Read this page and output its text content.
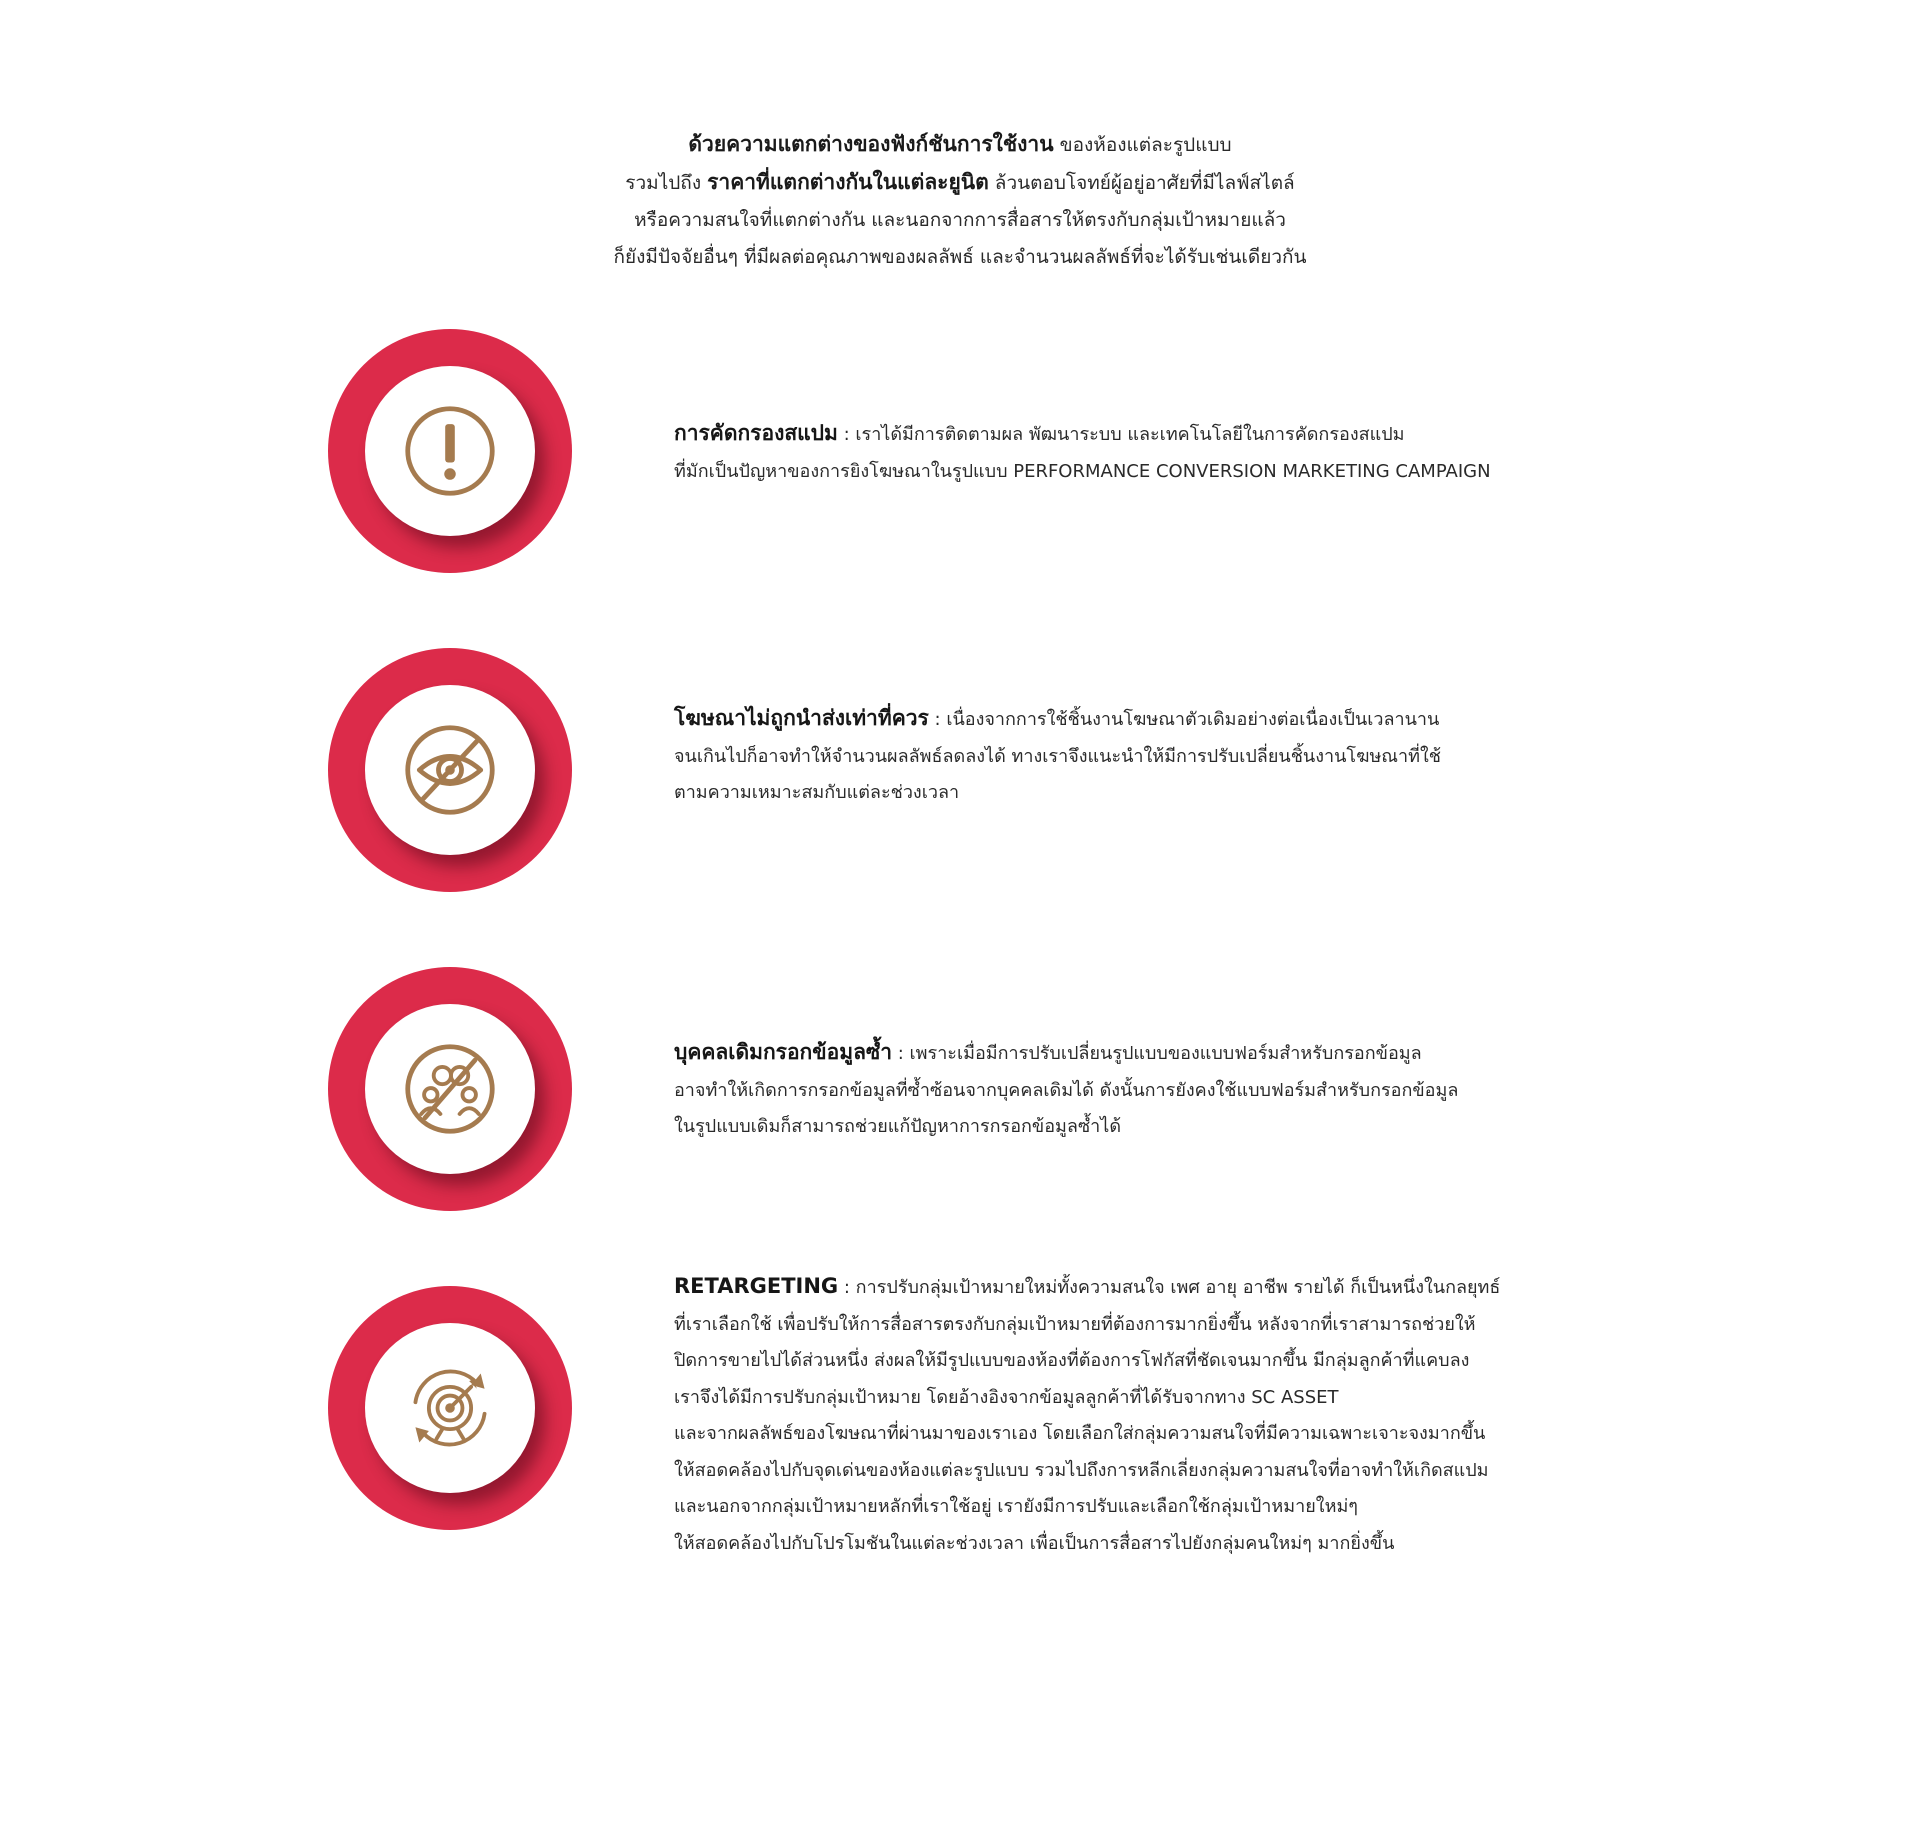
ด้วยความแตกต่างของฟังก์ชันการใช้งาน ของห้องแต่ละรูปแบบ

รวมไปถึง ราคาที่แตกต่างกันในแต่ละยูนิต ล้วนตอบโจทย์ผู้อยู่อาศัยที่มีไลฟ์สไตล์

หรือความสนใจที่แตกต่างกัน และนอกจากการสื่อสารให้ตรงกับกลุ่มเป้าหมายแล้ว

ก็ยังมีปัจจัยอื่นๆ ที่มีผลต่อคุณภาพของผลลัพธ์ และจำนวนผลลัพธ์ที่จะได้รับเช่นเดียวกัน

การคัดกรองสแปม : เราได้มีการติดตามผล พัฒนาระบบ และเทคโนโลยีในการคัดกรองสแปม

ที่มักเป็นปัญหาของการยิงโฆษณาในรูปแบบ PERFORMANCE CONVERSION MARKETING CAMPAIGN

โฆษณาไม่ถูกนำส่งเท่าที่ควร : เนื่องจากการใช้ชิ้นงานโฆษณาตัวเดิมอย่างต่อเนื่องเป็นเวลานาน

จนเกินไปก็อาจทำให้จำนวนผลลัพธ์ลดลงได้ ทางเราจึงแนะนำให้มีการปรับเปลี่ยนชิ้นงานโฆษณาที่ใช้

ตามความเหมาะสมกับแต่ละช่วงเวลา

บุคคลเดิมกรอกข้อมูลซ้ำ : เพราะเมื่อมีการปรับเปลี่ยนรูปแบบของแบบฟอร์มสำหรับกรอกข้อมูล

อาจทำให้เกิดการกรอกข้อมูลที่ซ้ำซ้อนจากบุคคลเดิมได้ ดังนั้นการยังคงใช้แบบฟอร์มสำหรับกรอกข้อมูล

ในรูปแบบเดิมก็สามารถช่วยแก้ปัญหาการกรอกข้อมูลซ้ำได้

RETARGETING : การปรับกลุ่มเป้าหมายใหม่ทั้งความสนใจ เพศ อายุ อาชีพ รายได้ ก็เป็นหนึ่งในกลยุทธ์

ที่เราเลือกใช้ เพื่อปรับให้การสื่อสารตรงกับกลุ่มเป้าหมายที่ต้องการมากยิ่งขึ้น หลังจากที่เราสามารถช่วยให้

ปิดการขายไปได้ส่วนหนึ่ง ส่งผลให้มีรูปแบบของห้องที่ต้องการโฟกัสที่ชัดเจนมากขึ้น มีกลุ่มลูกค้าที่แคบลง

เราจึงได้มีการปรับกลุ่มเป้าหมาย โดยอ้างอิงจากข้อมูลลูกค้าที่ได้รับจากทาง SC ASSET

และจากผลลัพธ์ของโฆษณาที่ผ่านมาของเราเอง โดยเลือกใส่กลุ่มความสนใจที่มีความเฉพาะเจาะจงมากขึ้น

ให้สอดคล้องไปกับจุดเด่นของห้องแต่ละรูปแบบ รวมไปถึงการหลีกเลี่ยงกลุ่มความสนใจที่อาจทำให้เกิดสแปม

และนอกจากกลุ่มเป้าหมายหลักที่เราใช้อยู่ เรายังมีการปรับและเลือกใช้กลุ่มเป้าหมายใหม่ๆ

ให้สอดคล้องไปกับโปรโมชันในแต่ละช่วงเวลา เพื่อเป็นการสื่อสารไปยังกลุ่มคนใหม่ๆ มากยิ่งขึ้น
